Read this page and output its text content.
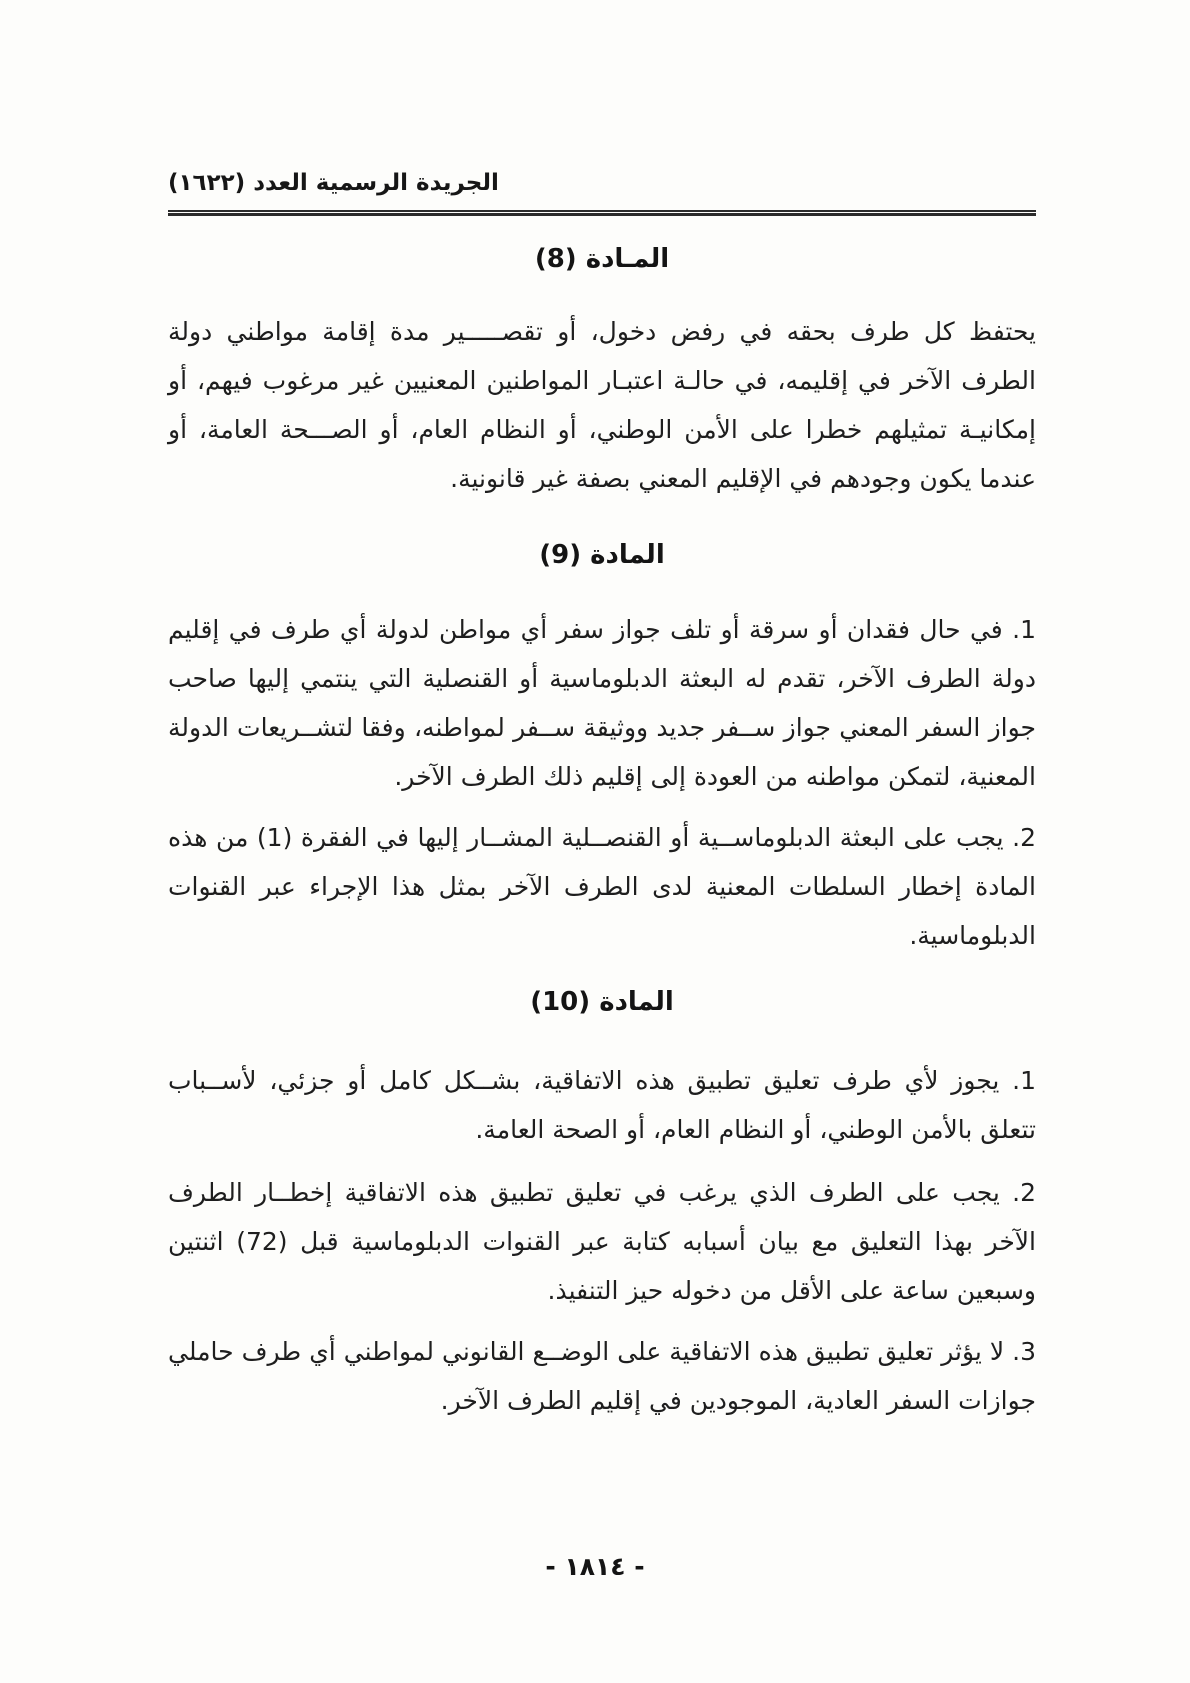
الجريدة الرسمية العدد (١٦٢٢)
المـادة (8)

يحتفظ كل طرف بحقه في رفض دخول، أو تقصـــــير مدة إقامة مواطني دولة الطرف الآخر في إقليمه، في حالـة اعتبـار المواطنين المعنيين غير مرغوب فيهم، أو إمكانيـة تمثيلهم خطرا على الأمن الوطني، أو النظام العام، أو الصـــحة العامة، أو عندما يكون وجودهم في الإقليم المعني بصفة غير قانونية.

المادة (9)

1. في حال فقدان أو سرقة أو تلف جواز سفر أي مواطن لدولة أي طرف في إقليم دولة الطرف الآخر، تقدم له البعثة الدبلوماسية أو القنصلية التي ينتمي إليها صاحب جواز السفر المعني جواز ســفر جديد ووثيقة ســفر لمواطنه، وفقا لتشــريعات الدولة المعنية، لتمكن مواطنه من العودة إلى إقليم ذلك الطرف الآخر.

2. يجب على البعثة الدبلوماســية أو القنصــلية المشــار إليها في الفقرة (1) من هذه المادة إخطار السلطات المعنية لدى الطرف الآخر بمثل هذا الإجراء عبر القنوات الدبلوماسية.

المادة (10)

1. يجوز لأي طرف تعليق تطبيق هذه الاتفاقية، بشــكل كامل أو جزئي، لأســباب تتعلق بالأمن الوطني، أو النظام العام، أو الصحة العامة.

2. يجب على الطرف الذي يرغب في تعليق تطبيق هذه الاتفاقية إخطــار الطرف الآخر بهذا التعليق مع بيان أسبابه كتابة عبر القنوات الدبلوماسية قبل (72) اثنتين وسبعين ساعة على الأقل من دخوله حيز التنفيذ.

3. لا يؤثر تعليق تطبيق هذه الاتفاقية على الوضــع القانوني لمواطني أي طرف حاملي جوازات السفر العادية، الموجودين في إقليم الطرف الآخر.

- ١٨١٤ -
